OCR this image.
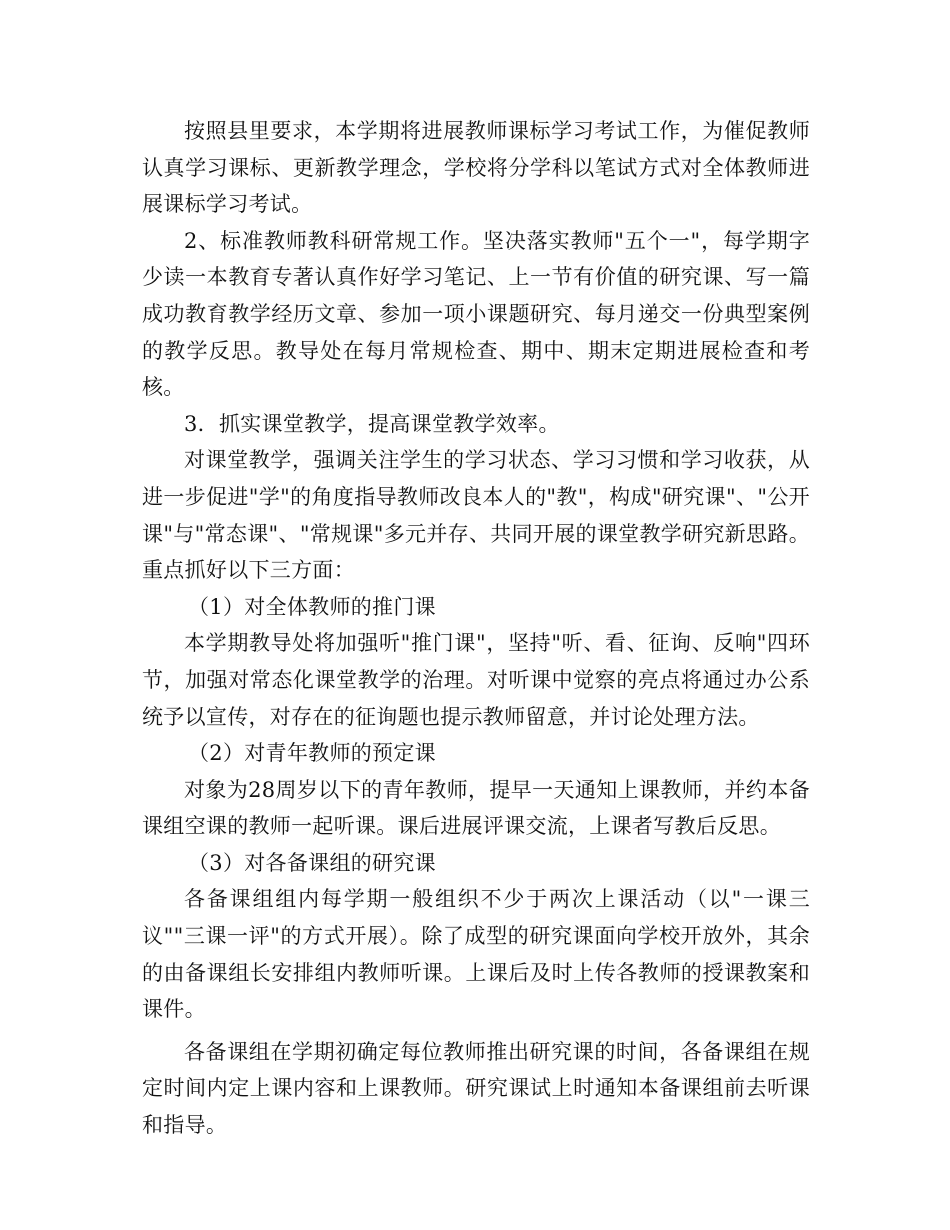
按照县里要求，本学期将进展教师课标学习考试工作，为催促教师认真学习课标、更新教学理念，学校将分学科以笔试方式对全体教师进展课标学习考试。

2、标准教师教科研常规工作。坚决落实教师"五个一"，每学期字少读一本教育专著认真作好学习笔记、上一节有价值的研究课、写一篇成功教育教学经历文章、参加一项小课题研究、每月递交一份典型案例的教学反思。教导处在每月常规检查、期中、期末定期进展检查和考核。

3．抓实课堂教学，提高课堂教学效率。

对课堂教学，强调关注学生的学习状态、学习习惯和学习收获，从进一步促进"学"的角度指导教师改良本人的"教"，构成"研究课"、"公开课"与"常态课"、"常规课"多元并存、共同开展的课堂教学研究新思路。重点抓好以下三方面：

（1）对全体教师的推门课

本学期教导处将加强听"推门课"，坚持"听、看、征询、反响"四环节，加强对常态化课堂教学的治理。对听课中觉察的亮点将通过办公系统予以宣传，对存在的征询题也提示教师留意，并讨论处理方法。

（2）对青年教师的预定课

对象为28周岁以下的青年教师，提早一天通知上课教师，并约本备课组空课的教师一起听课。课后进展评课交流，上课者写教后反思。

（3）对各备课组的研究课

各备课组组内每学期一般组织不少于两次上课活动（以"一课三议""三课一评"的方式开展）。除了成型的研究课面向学校开放外，其余的由备课组长安排组内教师听课。上课后及时上传各教师的授课教案和课件。

各备课组在学期初确定每位教师推出研究课的时间，各备课组在规定时间内定上课内容和上课教师。研究课试上时通知本备课组前去听课和指导。
